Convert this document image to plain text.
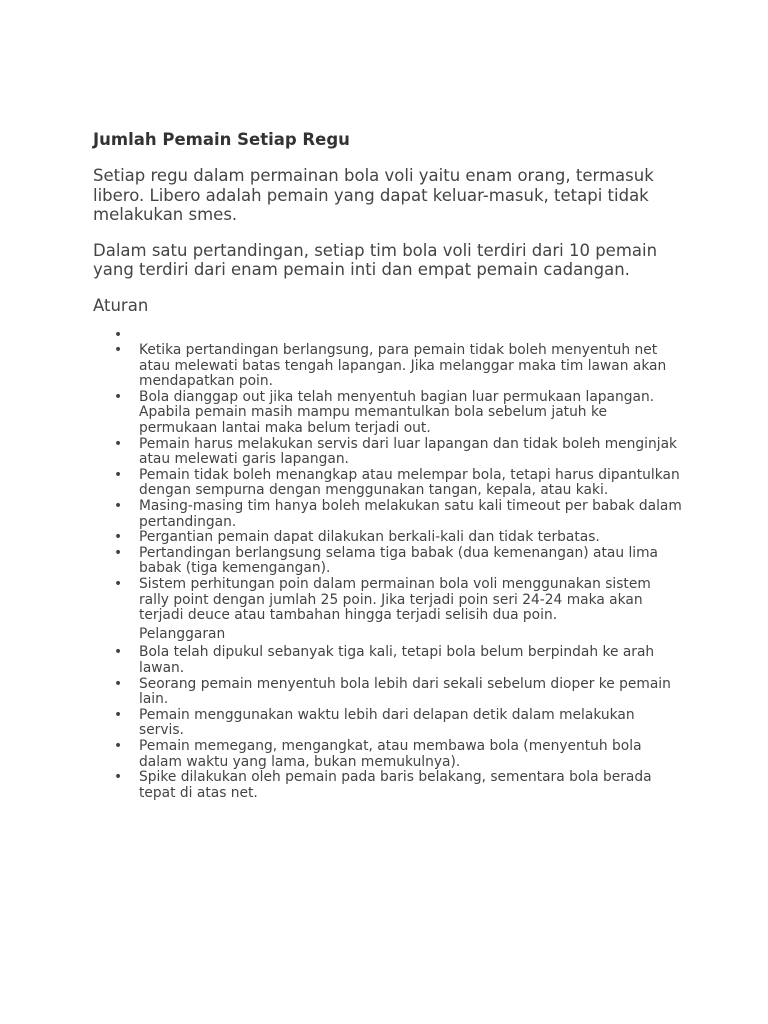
Jumlah Pemain Setiap Regu

Setiap regu dalam permainan bola voli yaitu enam orang, termasuk libero. Libero adalah pemain yang dapat keluar-masuk, tetapi tidak melakukan smes.

Dalam satu pertandingan, setiap tim bola voli terdiri dari 10 pemain yang terdiri dari enam pemain inti dan empat pemain cadangan.

Aturan
•
• Ketika pertandingan berlangsung, para pemain tidak boleh menyentuh net atau melewati batas tengah lapangan. Jika melanggar maka tim lawan akan mendapatkan poin.
• Bola dianggap out jika telah menyentuh bagian luar permukaan lapangan. Apabila pemain masih mampu memantulkan bola sebelum jatuh ke permukaan lantai maka belum terjadi out.
• Pemain harus melakukan servis dari luar lapangan dan tidak boleh menginjak atau melewati garis lapangan.
• Pemain tidak boleh menangkap atau melempar bola, tetapi harus dipantulkan dengan sempurna dengan menggunakan tangan, kepala, atau kaki.
• Masing-masing tim hanya boleh melakukan satu kali timeout per babak dalam pertandingan.
• Pergantian pemain dapat dilakukan berkali-kali dan tidak terbatas.
• Pertandingan berlangsung selama tiga babak (dua kemenangan) atau lima babak (tiga kemengangan).
• Sistem perhitungan poin dalam permainan bola voli menggunakan sistem rally point dengan jumlah 25 poin. Jika terjadi poin seri 24-24 maka akan terjadi deuce atau tambahan hingga terjadi selisih dua poin.
Pelanggaran
• Bola telah dipukul sebanyak tiga kali, tetapi bola belum berpindah ke arah lawan.
• Seorang pemain menyentuh bola lebih dari sekali sebelum dioper ke pemain lain.
• Pemain menggunakan waktu lebih dari delapan detik dalam melakukan servis.
• Pemain memegang, mengangkat, atau membawa bola (menyentuh bola dalam waktu yang lama, bukan memukulnya).
• Spike dilakukan oleh pemain pada baris belakang, sementara bola berada tepat di atas net.
